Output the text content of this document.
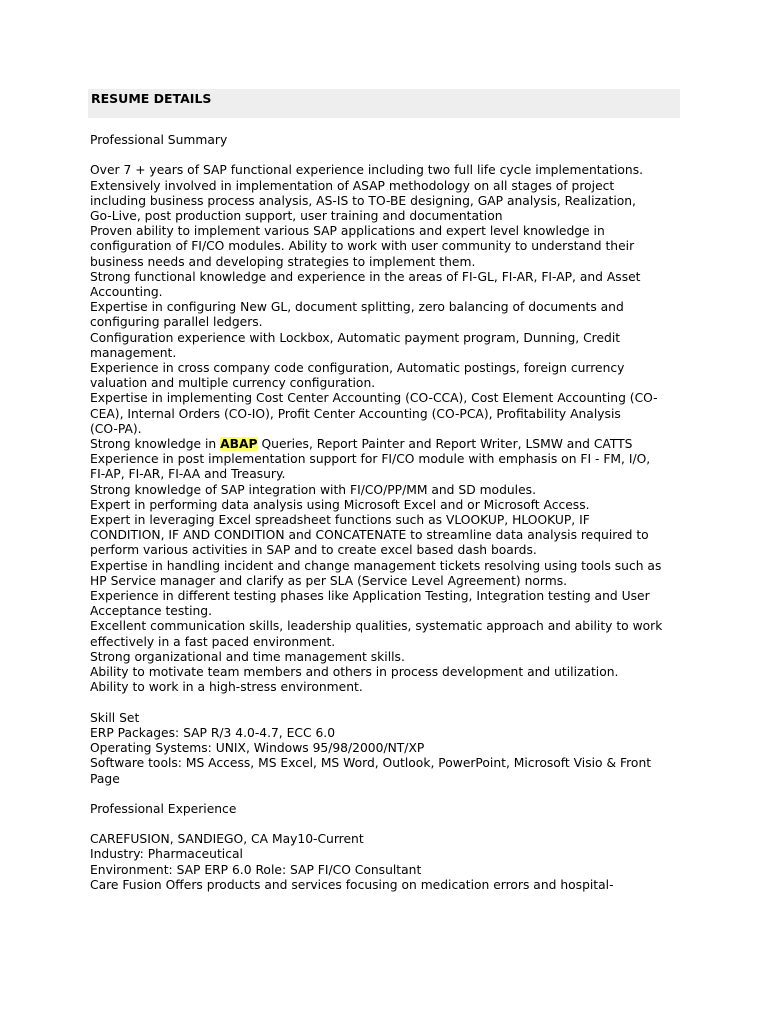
RESUME DETAILS

Professional Summary

Over 7 + years of SAP functional experience including two full life cycle implementations.

Extensively involved in implementation of ASAP methodology on all stages of project

including business process analysis, AS-IS to TO-BE designing, GAP analysis, Realization,

Go-Live, post production support, user training and documentation

Proven ability to implement various SAP applications and expert level knowledge in

configuration of FI/CO modules. Ability to work with user community to understand their

business needs and developing strategies to implement them.

Strong functional knowledge and experience in the areas of FI-GL, FI-AR, FI-AP, and Asset

Accounting.

Expertise in configuring New GL, document splitting, zero balancing of documents and

configuring parallel ledgers.

Configuration experience with Lockbox, Automatic payment program, Dunning, Credit

management.

Experience in cross company code configuration, Automatic postings, foreign currency

valuation and multiple currency configuration.

Expertise in implementing Cost Center Accounting (CO-CCA), Cost Element Accounting (CO-

CEA), Internal Orders (CO-IO), Profit Center Accounting (CO-PCA), Profitability Analysis

(CO-PA).

Strong knowledge in ABAP Queries, Report Painter and Report Writer, LSMW and CATTS

Experience in post implementation support for FI/CO module with emphasis on FI - FM, I/O,

FI-AP, FI-AR, FI-AA and Treasury.

Strong knowledge of SAP integration with FI/CO/PP/MM and SD modules.

Expert in performing data analysis using Microsoft Excel and or Microsoft Access.

Expert in leveraging Excel spreadsheet functions such as VLOOKUP, HLOOKUP, IF

CONDITION, IF AND CONDITION and CONCATENATE to streamline data analysis required to

perform various activities in SAP and to create excel based dash boards.

Expertise in handling incident and change management tickets resolving using tools such as

HP Service manager and clarify as per SLA (Service Level Agreement) norms.

Experience in different testing phases like Application Testing, Integration testing and User

Acceptance testing.

Excellent communication skills, leadership qualities, systematic approach and ability to work

effectively in a fast paced environment.

Strong organizational and time management skills.

Ability to motivate team members and others in process development and utilization.

Ability to work in a high-stress environment.

Skill Set

ERP Packages: SAP R/3 4.0-4.7, ECC 6.0

Operating Systems: UNIX, Windows 95/98/2000/NT/XP

Software tools: MS Access, MS Excel, MS Word, Outlook, PowerPoint, Microsoft Visio & Front

Page

Professional Experience

CAREFUSION, SANDIEGO, CA May10-Current

Industry: Pharmaceutical

Environment: SAP ERP 6.0 Role: SAP FI/CO Consultant

Care Fusion Offers products and services focusing on medication errors and hospital-
